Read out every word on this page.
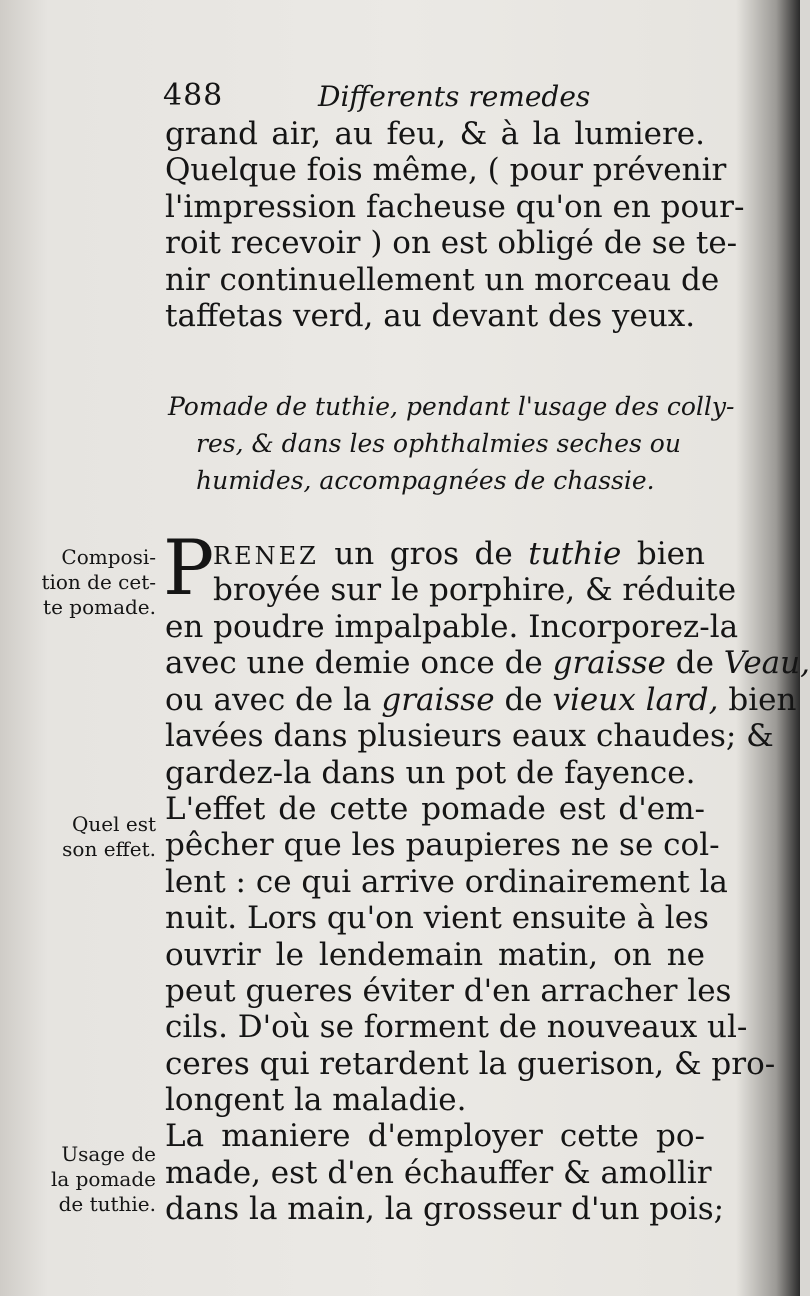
488	Differents remedes
grand air, au feu, & à la lumiere.
Quelque fois même, ( pour prévenir
l'impression facheuse qu'on en pour-
roit recevoir ) on est obligé de se te-
nir continuellement un morceau de
taffetas verd, au devant des yeux.
Pomade de tuthie, pendant l'usage des colly-
res, & dans les ophthalmies seches ou
humides, accompagnées de chassie.
P
RENEZ un gros de tuthie bien
broyée sur le porphire, & réduite
en poudre impalpable. Incorporez-la
avec une demie once de graisse de Veau,
ou avec de la graisse de vieux lard, bien
lavées dans plusieurs eaux chaudes; &
gardez-la dans un pot de fayence.
L'effet de cette pomade est d'em-
pêcher que les paupieres ne se col-
lent : ce qui arrive ordinairement la
nuit. Lors qu'on vient ensuite à les
ouvrir le lendemain matin, on ne
peut gueres éviter d'en arracher les
cils. D'où se forment de nouveaux ul-
ceres qui retardent la guerison, & pro-
longent la maladie.
La maniere d'employer cette po-
made, est d'en échauffer & amollir
dans la main, la grosseur d'un pois;
Composi-
tion de cet-
te pomade.
Quel est
son effet.
Usage de
la pomade
de tuthie.
